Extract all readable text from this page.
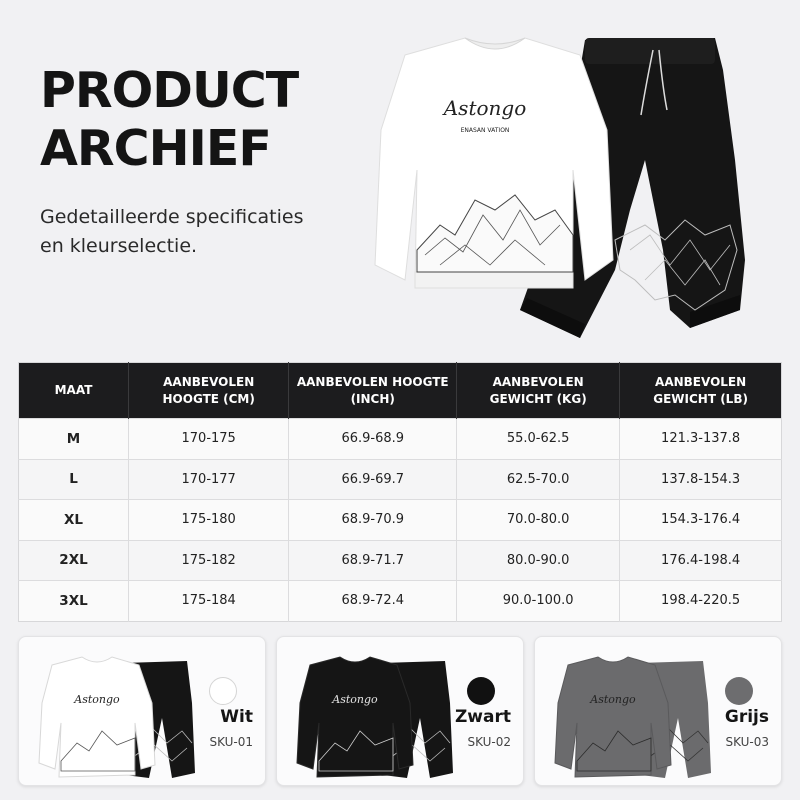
PRODUCT
ARCHIEF
Gedetailleerde specificaties
en kleurselectie.
Astongo
ENASAN VATION
MAAT	AANBEVOLEN HOOGTE (CM)	AANBEVOLEN HOOGTE (INCH)	AANBEVOLEN GEWICHT (KG)	AANBEVOLEN GEWICHT (LB)
M	170-175	66.9-68.9	55.0-62.5	121.3-137.8
L	170-177	66.9-69.7	62.5-70.0	137.8-154.3
XL	175-180	68.9-70.9	70.0-80.0	154.3-176.4
2XL	175-182	68.9-71.7	80.0-90.0	176.4-198.4
3XL	175-184	68.9-72.4	90.0-100.0	198.4-220.5
Astongo
Wit
SKU-01
Astongo
Zwart
SKU-02
Astongo
Grijs
SKU-03
